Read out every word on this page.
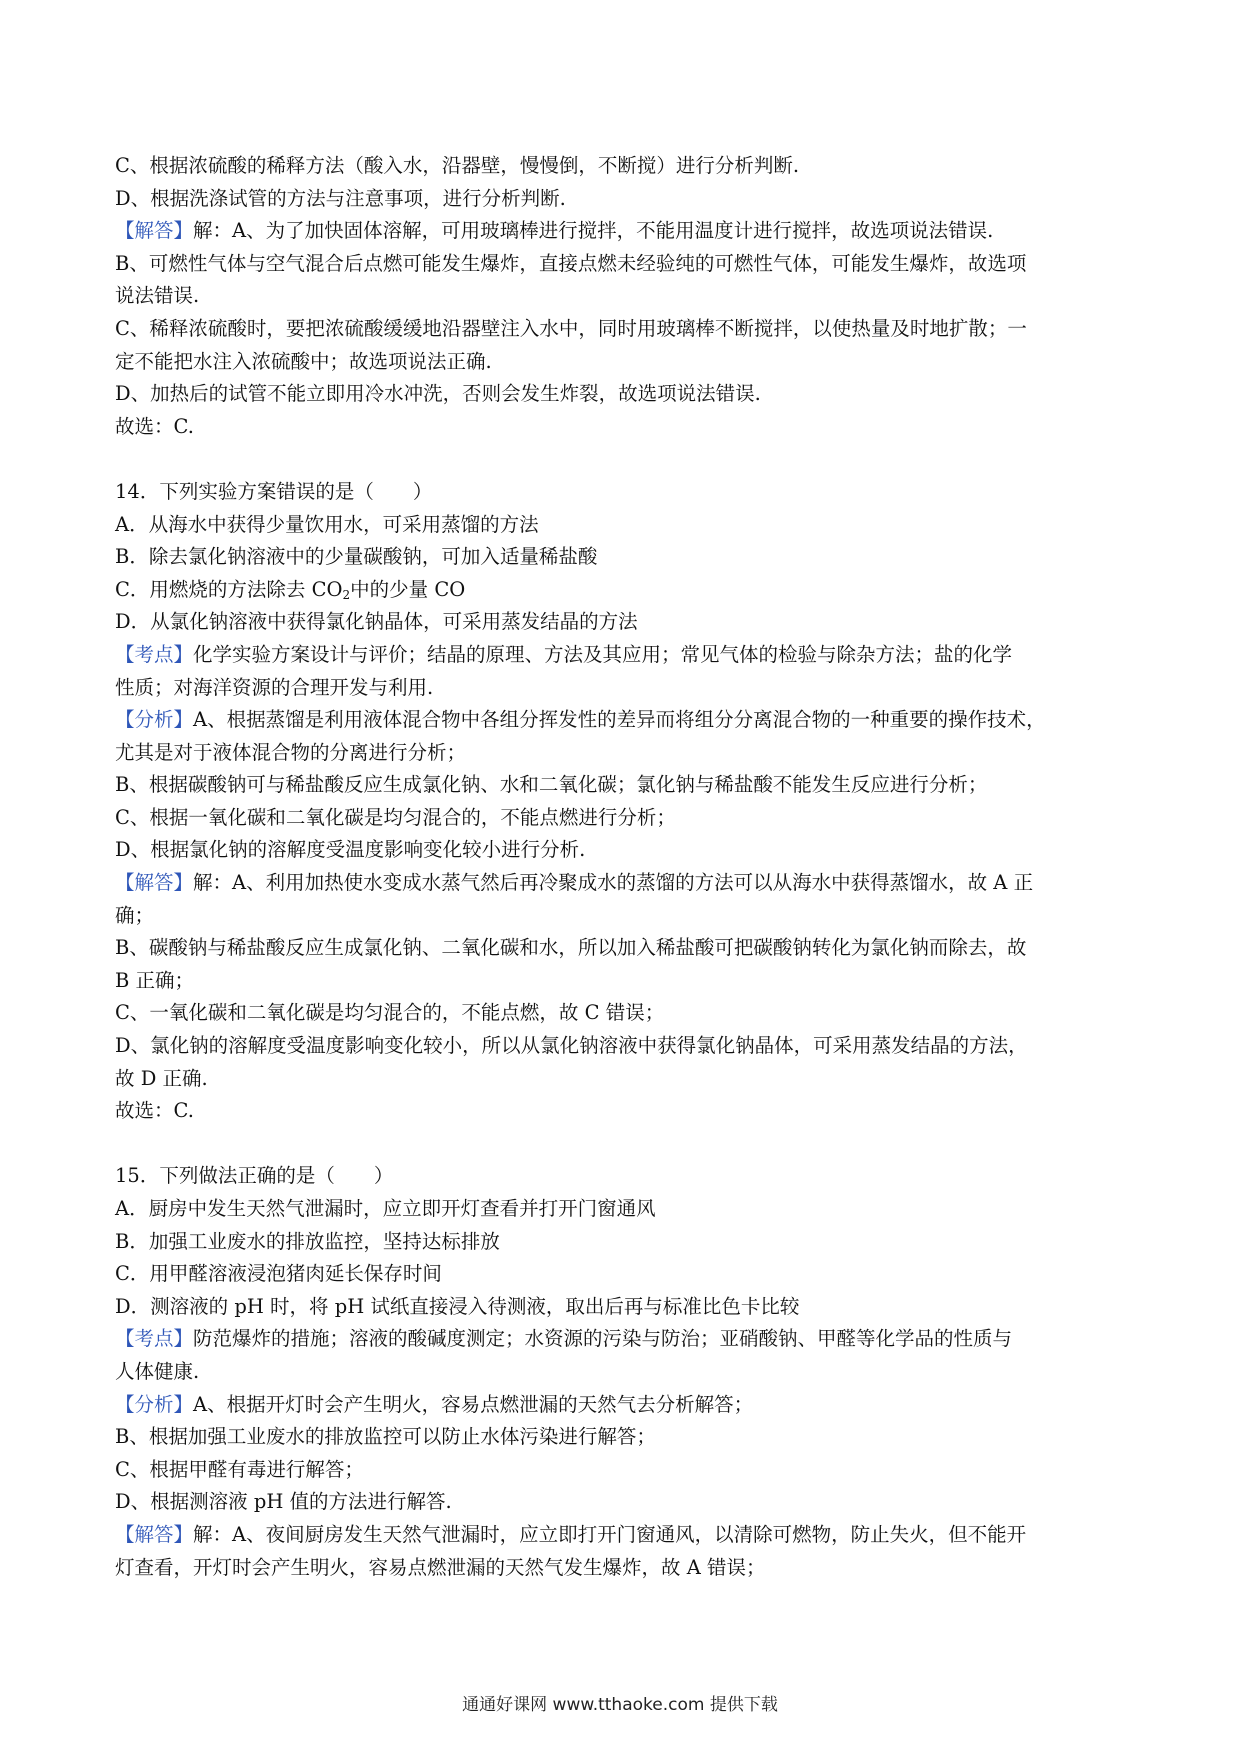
C、根据浓硫酸的稀释方法（酸入水，沿器壁，慢慢倒，不断搅）进行分析判断.
D、根据洗涤试管的方法与注意事项，进行分析判断.
【解答】解：A、为了加快固体溶解，可用玻璃棒进行搅拌，不能用温度计进行搅拌，故选项说法错误.
B、可燃性气体与空气混合后点燃可能发生爆炸，直接点燃未经验纯的可燃性气体，可能发生爆炸，故选项
说法错误.
C、稀释浓硫酸时，要把浓硫酸缓缓地沿器壁注入水中，同时用玻璃棒不断搅拌，以使热量及时地扩散；一
定不能把水注入浓硫酸中；故选项说法正确.
D、加热后的试管不能立即用冷水冲洗，否则会发生炸裂，故选项说法错误.
故选：C.
14．下列实验方案错误的是（　　）
A．从海水中获得少量饮用水，可采用蒸馏的方法
B．除去氯化钠溶液中的少量碳酸钠，可加入适量稀盐酸
C．用燃烧的方法除去 $CO_2$中的少量 CO
D．从氯化钠溶液中获得氯化钠晶体，可采用蒸发结晶的方法
【考点】化学实验方案设计与评价；结晶的原理、方法及其应用；常见气体的检验与除杂方法；盐的化学
性质；对海洋资源的合理开发与利用.
【分析】A、根据蒸馏是利用液体混合物中各组分挥发性的差异而将组分分离混合物的一种重要的操作技术，
尤其是对于液体混合物的分离进行分析；
B、根据碳酸钠可与稀盐酸反应生成氯化钠、水和二氧化碳；氯化钠与稀盐酸不能发生反应进行分析；
C、根据一氧化碳和二氧化碳是均匀混合的，不能点燃进行分析；
D、根据氯化钠的溶解度受温度影响变化较小进行分析.
【解答】解：A、利用加热使水变成水蒸气然后再冷聚成水的蒸馏的方法可以从海水中获得蒸馏水，故 A 正
确；
B、碳酸钠与稀盐酸反应生成氯化钠、二氧化碳和水，所以加入稀盐酸可把碳酸钠转化为氯化钠而除去，故
B 正确；
C、一氧化碳和二氧化碳是均匀混合的，不能点燃，故 C 错误；
D、氯化钠的溶解度受温度影响变化较小，所以从氯化钠溶液中获得氯化钠晶体，可采用蒸发结晶的方法，
故 D 正确.
故选：C.
15．下列做法正确的是（　　）
A．厨房中发生天然气泄漏时，应立即开灯查看并打开门窗通风
B．加强工业废水的排放监控，坚持达标排放
C．用甲醛溶液浸泡猪肉延长保存时间
D．测溶液的 pH 时，将 pH 试纸直接浸入待测液，取出后再与标准比色卡比较
【考点】防范爆炸的措施；溶液的酸碱度测定；水资源的污染与防治；亚硝酸钠、甲醛等化学品的性质与
人体健康.
【分析】A、根据开灯时会产生明火，容易点燃泄漏的天然气去分析解答；
B、根据加强工业废水的排放监控可以防止水体污染进行解答；
C、根据甲醛有毒进行解答；
D、根据测溶液 pH 值的方法进行解答.
【解答】解：A、夜间厨房发生天然气泄漏时，应立即打开门窗通风，以清除可燃物，防止失火，但不能开
灯查看，开灯时会产生明火，容易点燃泄漏的天然气发生爆炸，故 A 错误；
通通好课网 www.tthaoke.com 提供下载
